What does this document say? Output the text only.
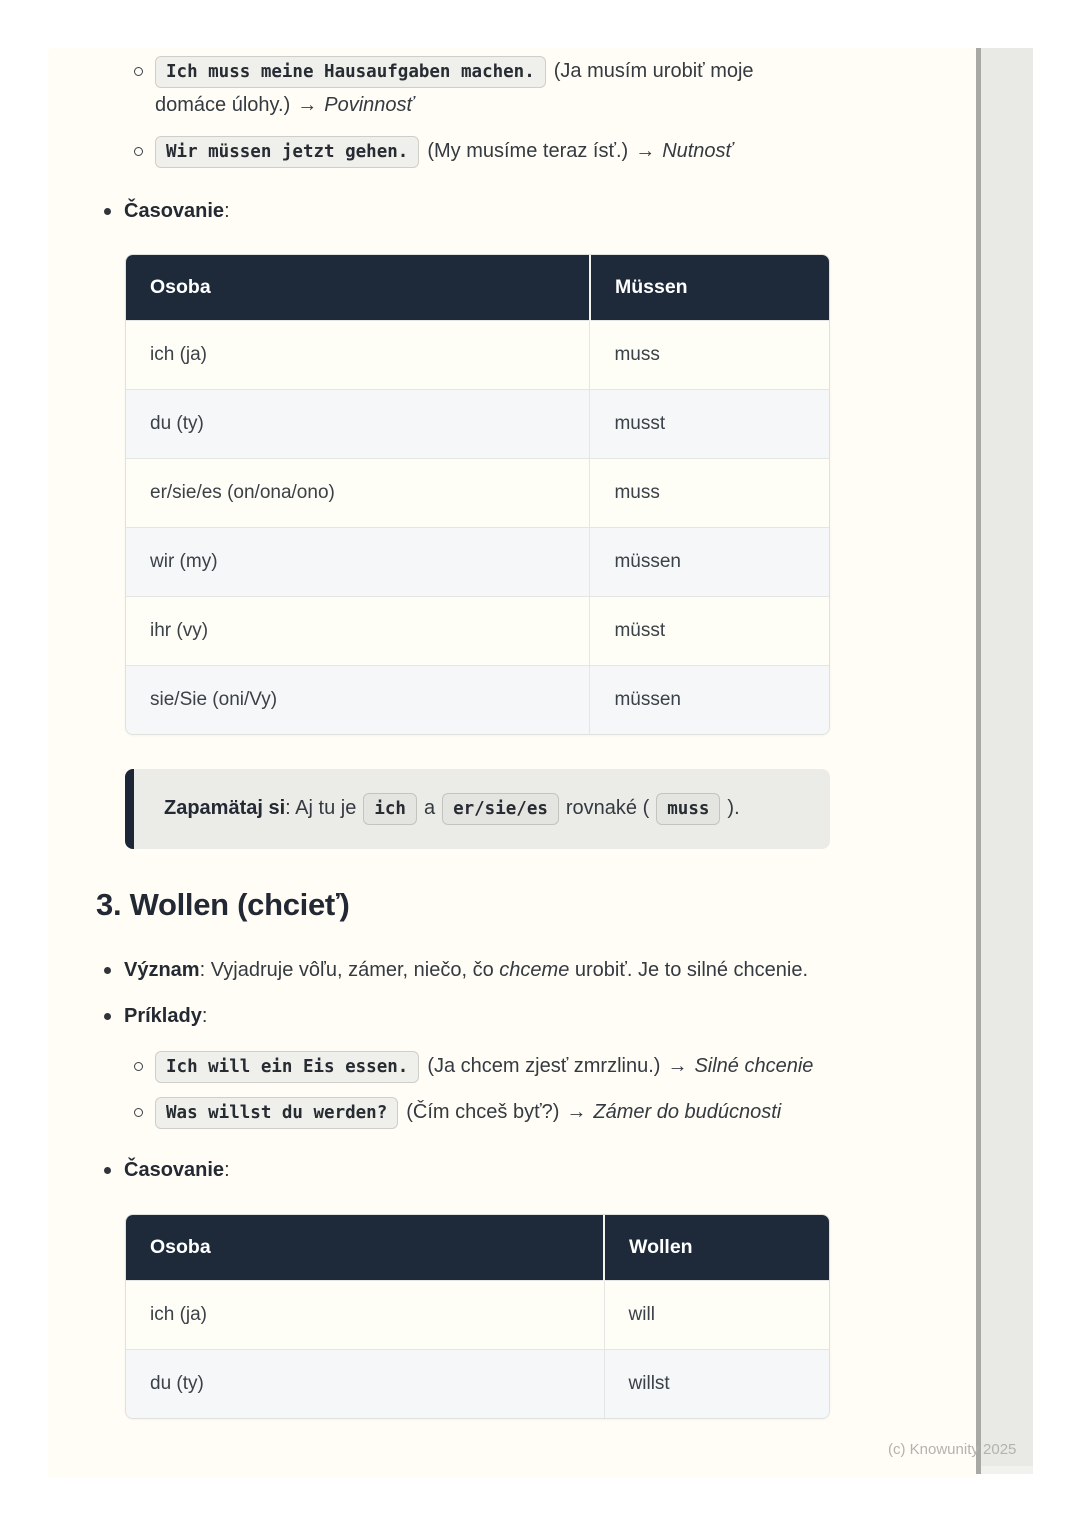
Ich muss meine Hausaufgaben machen. (Ja musím urobiť moje domáce úlohy.) → Povinnosť
Wir müssen jetzt gehen. (My musíme teraz ísť.) → Nutnosť
Časovanie:
Osoba	Müssen
ich (ja)	muss
du (ty)	musst
er/sie/es (on/ona/ono)	muss
wir (my)	müssen
ihr (vy)	müsst
sie/Sie (oni/Vy)	müssen
Zapamätaj si: Aj tu je ich a er/sie/es rovnaké ( muss ).
3. Wollen (chcieť)
Význam: Vyjadruje vôľu, zámer, niečo, čo chceme urobiť. Je to silné chcenie.
Príklady:
Ich will ein Eis essen. (Ja chcem zjesť zmrzlinu.) → Silné chcenie
Was willst du werden? (Čím chceš byť?) → Zámer do budúcnosti
Časovanie:
Osoba	Wollen
ich (ja)	will
du (ty)	willst
(c) Knowunity 2025
